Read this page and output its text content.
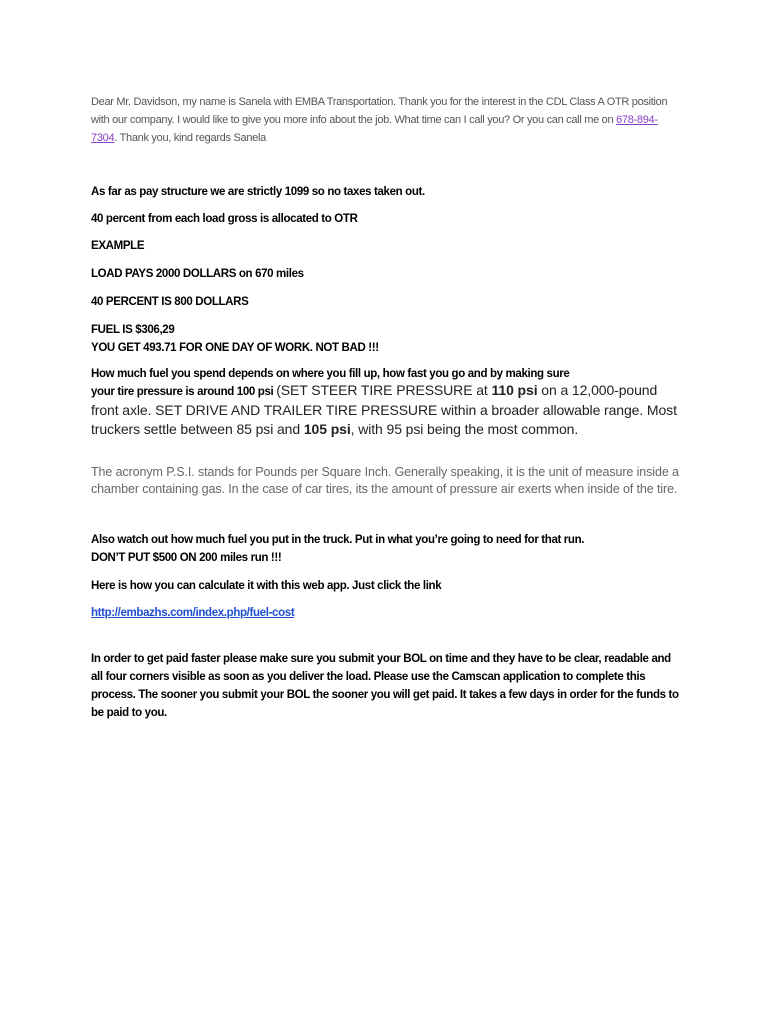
Dear Mr. Davidson, my name is Sanela with EMBA Transportation. Thank you for the interest in the CDL Class A OTR position with our company. I would like to give you more info about the job. What time can I call you? Or you can call me on 678-894-7304. Thank you, kind regards Sanela

As far as pay structure we are strictly 1099 so no taxes taken out.

40 percent from each load gross is allocated to OTR

EXAMPLE

LOAD PAYS 2000 DOLLARS on 670 miles

40 PERCENT IS 800 DOLLARS

FUEL IS $306,29

YOU GET 493.71 FOR ONE DAY OF WORK. NOT BAD !!!

How much fuel you spend depends on where you fill up, how fast you go and by making sure

your tire pressure is around 100 psi (SET STEER TIRE PRESSURE at 110 psi on a 12,000-pound front axle. SET DRIVE AND TRAILER TIRE PRESSURE within a broader allowable range. Most truckers settle between 85 psi and 105 psi, with 95 psi being the most common.

The acronym P.S.I. stands for Pounds per Square Inch. Generally speaking, it is the unit of measure inside a chamber containing gas. In the case of car tires, its the amount of pressure air exerts when inside of the tire.

Also watch out how much fuel you put in the truck. Put in what you’re going to need for that run.

DON’T PUT $500 ON 200 miles run !!!

Here is how you can calculate it with this web app. Just click the link

http://embazhs.com/index.php/fuel-cost

In order to get paid faster please make sure you submit your BOL on time and they have to be clear, readable and all four corners visible as soon as you deliver the load. Please use the Camscan application to complete this process. The sooner you submit your BOL the sooner you will get paid. It takes a few days in order for the funds to be paid to you.
